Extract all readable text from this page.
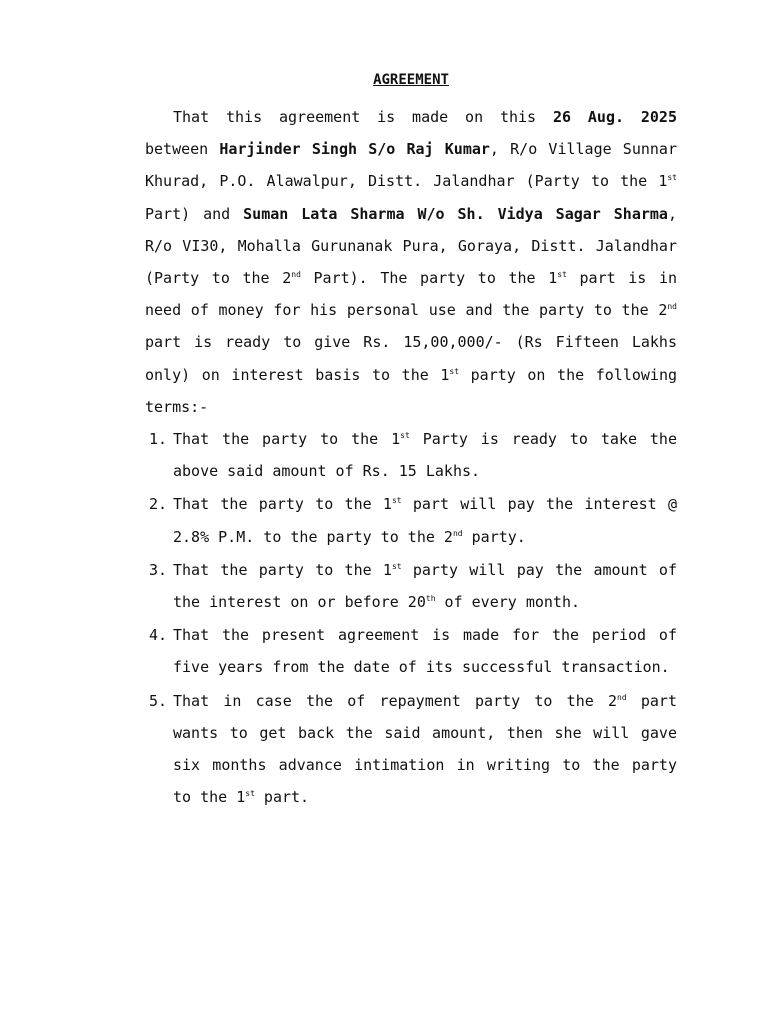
AGREEMENT

That this agreement is made on this 26 Aug. 2025 between Harjinder Singh S/o Raj Kumar, R/o Village Sunnar Khurad, P.O. Alawalpur, Distt. Jalandhar (Party to the 1st Part) and Suman Lata Sharma W/o Sh. Vidya Sagar Sharma, R/o VI30, Mohalla Gurunanak Pura, Goraya, Distt. Jalandhar (Party to the 2nd Part). The party to the 1st part is in need of money for his personal use and the party to the 2nd part is ready to give Rs. 15,00,000/- (Rs Fifteen Lakhs only) on interest basis to the 1st party on the following terms:-

1. That the party to the 1st Party is ready to take the above said amount of Rs. 15 Lakhs.
2. That the party to the 1st part will pay the interest @ 2.8% P.M. to the party to the 2nd party.
3. That the party to the 1st party will pay the amount of the interest on or before 20th of every month.
4. That the present agreement is made for the period of five years from the date of its successful transaction.
5. That in case the of repayment party to the 2nd part wants to get back the said amount, then she will gave six months advance intimation in writing to the party to the 1st part.
